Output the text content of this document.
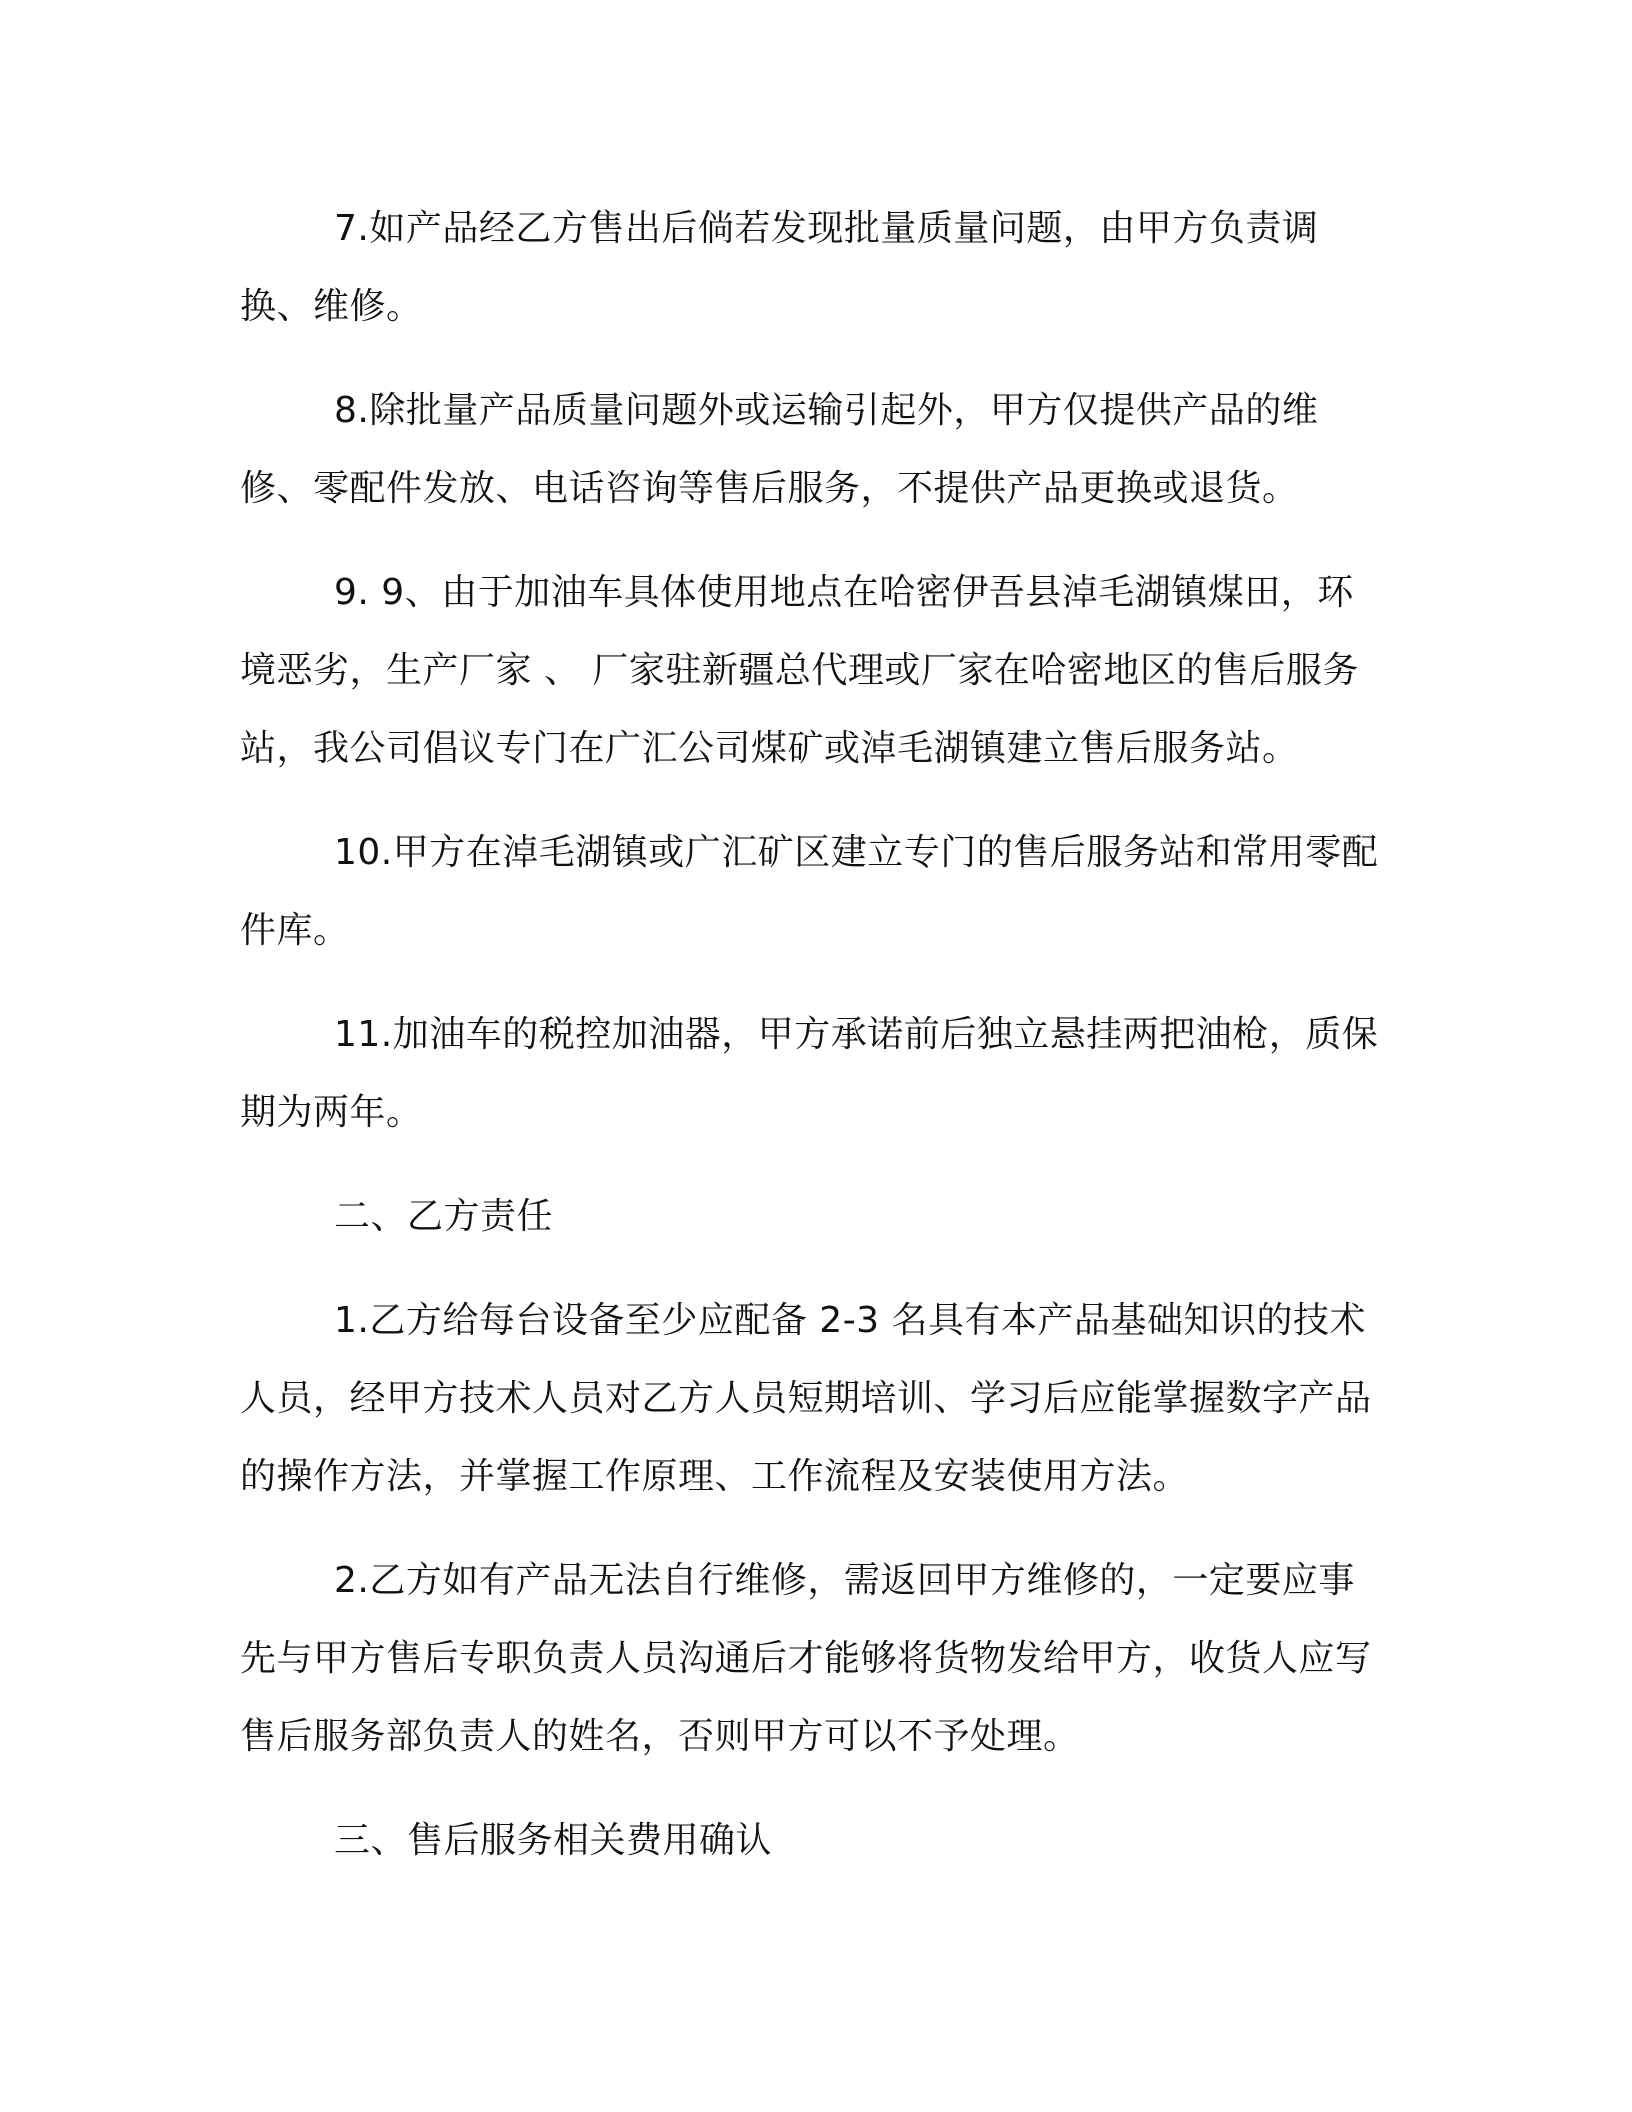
7.如产品经乙方售出后倘若发现批量质量问题，由甲方负责调换、维修。

8.除批量产品质量问题外或运输引起外，甲方仅提供产品的维修、零配件发放、电话咨询等售后服务，不提供产品更换或退货。

9. 9、由于加油车具体使用地点在哈密伊吾县淖毛湖镇煤田，环境恶劣，生产厂家 、 厂家驻新疆总代理或厂家在哈密地区的售后服务站，我公司倡议专门在广汇公司煤矿或淖毛湖镇建立售后服务站。

10.甲方在淖毛湖镇或广汇矿区建立专门的售后服务站和常用零配件库。

11.加油车的税控加油器，甲方承诺前后独立悬挂两把油枪，质保期为两年。

二、乙方责任

1.乙方给每台设备至少应配备 2-3 名具有本产品基础知识的技术人员，经甲方技术人员对乙方人员短期培训、学习后应能掌握数字产品的操作方法，并掌握工作原理、工作流程及安装使用方法。

2.乙方如有产品无法自行维修，需返回甲方维修的，一定要应事先与甲方售后专职负责人员沟通后才能够将货物发给甲方，收货人应写售后服务部负责人的姓名，否则甲方可以不予处理。

三、售后服务相关费用确认
